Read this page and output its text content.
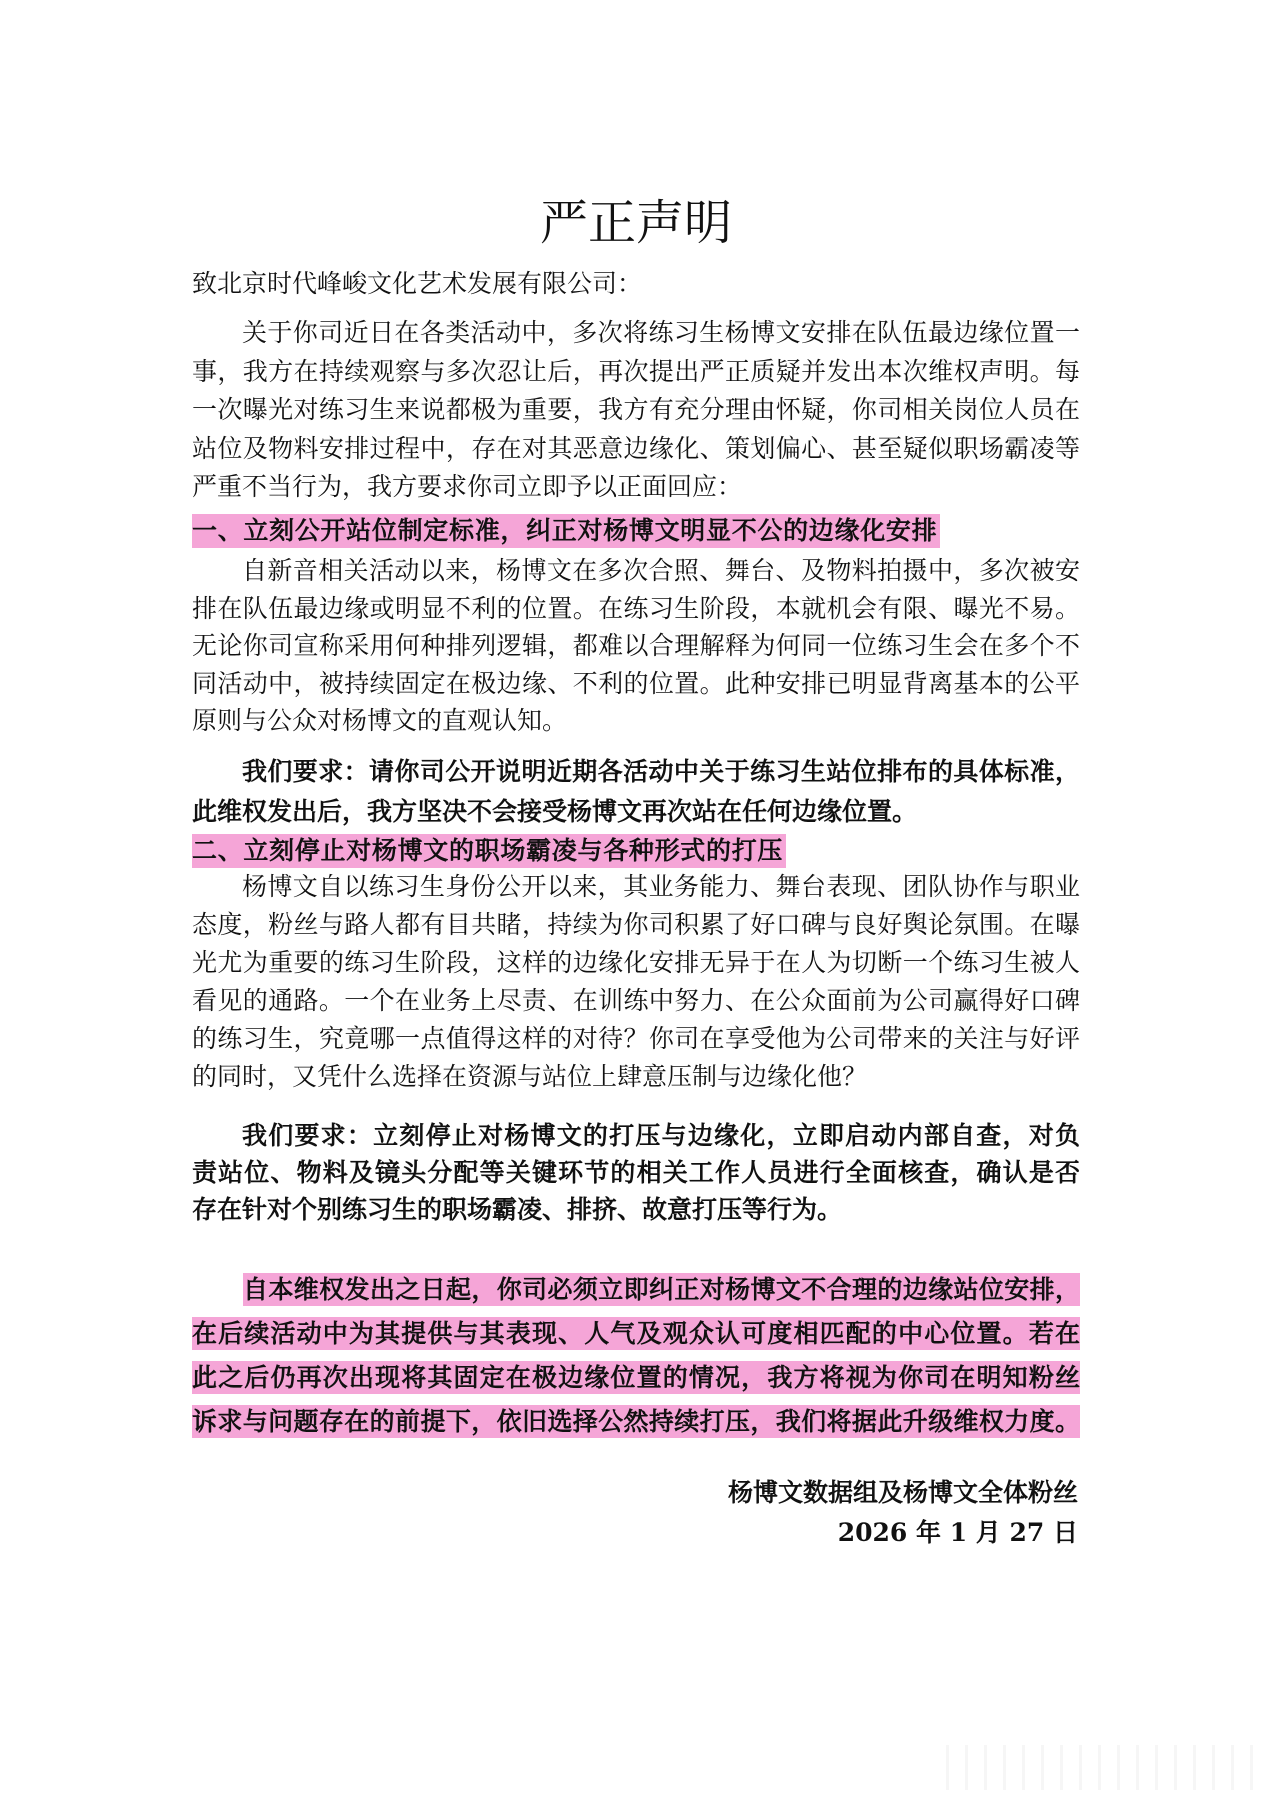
严正声明
致北京时代峰峻文化艺术发展有限公司：
关于你司近日在各类活动中，多次将练习生杨博文安排在队伍最边缘位置一
事，我方在持续观察与多次忍让后，再次提出严正质疑并发出本次维权声明。每
一次曝光对练习生来说都极为重要，我方有充分理由怀疑，你司相关岗位人员在
站位及物料安排过程中，存在对其恶意边缘化、策划偏心、甚至疑似职场霸凌等
严重不当行为，我方要求你司立即予以正面回应：
一、立刻公开站位制定标准，纠正对杨博文明显不公的边缘化安排
自新音相关活动以来，杨博文在多次合照、舞台、及物料拍摄中，多次被安
排在队伍最边缘或明显不利的位置。在练习生阶段，本就机会有限、曝光不易。
无论你司宣称采用何种排列逻辑，都难以合理解释为何同一位练习生会在多个不
同活动中，被持续固定在极边缘、不利的位置。此种安排已明显背离基本的公平
原则与公众对杨博文的直观认知。
我们要求：请你司公开说明近期各活动中关于练习生站位排布的具体标准，
此维权发出后，我方坚决不会接受杨博文再次站在任何边缘位置。
二、立刻停止对杨博文的职场霸凌与各种形式的打压
杨博文自以练习生身份公开以来，其业务能力、舞台表现、团队协作与职业
态度，粉丝与路人都有目共睹，持续为你司积累了好口碑与良好舆论氛围。在曝
光尤为重要的练习生阶段，这样的边缘化安排无异于在人为切断一个练习生被人
看见的通路。一个在业务上尽责、在训练中努力、在公众面前为公司赢得好口碑
的练习生，究竟哪一点值得这样的对待？你司在享受他为公司带来的关注与好评
的同时，又凭什么选择在资源与站位上肆意压制与边缘化他？
我们要求：立刻停止对杨博文的打压与边缘化，立即启动内部自查，对负
责站位、物料及镜头分配等关键环节的相关工作人员进行全面核查，确认是否
存在针对个别练习生的职场霸凌、排挤、故意打压等行为。
自本维权发出之日起，你司必须立即纠正对杨博文不合理的边缘站位安排，
在后续活动中为其提供与其表现、人气及观众认可度相匹配的中心位置。若在
此之后仍再次出现将其固定在极边缘位置的情况，我方将视为你司在明知粉丝
诉求与问题存在的前提下，依旧选择公然持续打压，我们将据此升级维权力度。
杨博文数据组及杨博文全体粉丝
2026 年 1 月 27 日
